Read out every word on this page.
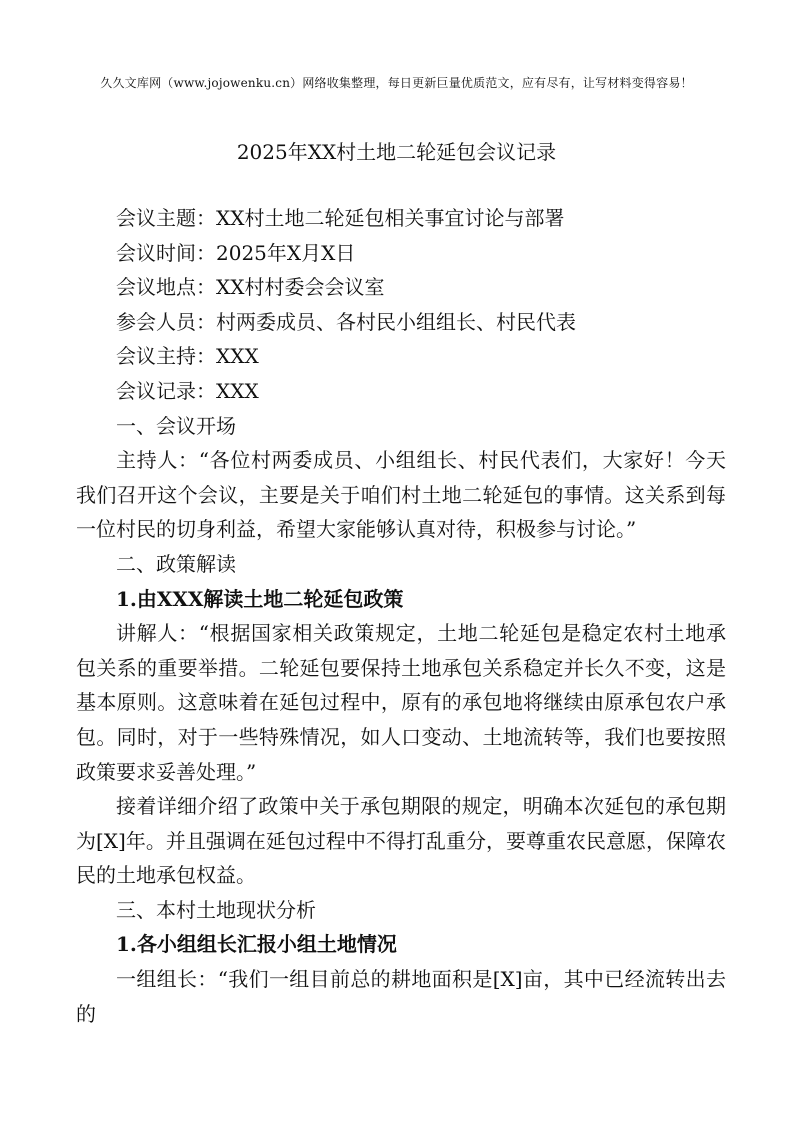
久久文库网（www.jojowenku.cn）网络收集整理，每日更新巨量优质范文，应有尽有，让写材料变得容易！
2025年XX村土地二轮延包会议记录

会议主题：XX村土地二轮延包相关事宜讨论与部署

会议时间：2025年X月X日

会议地点：XX村村委会会议室

参会人员：村两委成员、各村民小组组长、村民代表

会议主持：XXX

会议记录：XXX

一、会议开场

主持人：“各位村两委成员、小组组长、村民代表们，大家好！今天我们召开这个会议，主要是关于咱们村土地二轮延包的事情。这关系到每一位村民的切身利益，希望大家能够认真对待，积极参与讨论。”

二、政策解读

1.由XXX解读土地二轮延包政策

讲解人：“根据国家相关政策规定，土地二轮延包是稳定农村土地承包关系的重要举措。二轮延包要保持土地承包关系稳定并长久不变，这是基本原则。这意味着在延包过程中，原有的承包地将继续由原承包农户承包。同时，对于一些特殊情况，如人口变动、土地流转等，我们也要按照政策要求妥善处理。”

接着详细介绍了政策中关于承包期限的规定，明确本次延包的承包期为[X]年。并且强调在延包过程中不得打乱重分，要尊重农民意愿，保障农民的土地承包权益。

三、本村土地现状分析

1.各小组组长汇报小组土地情况

一组组长：“我们一组目前总的耕地面积是[X]亩，其中已经流转出去的
